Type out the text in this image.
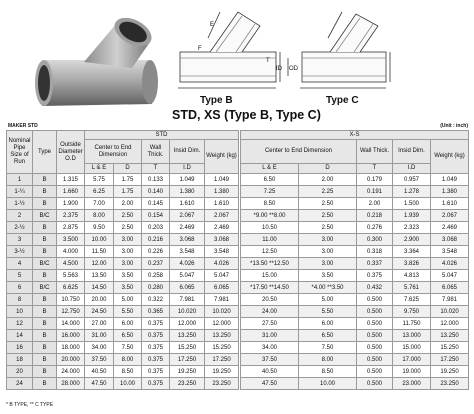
E
F
T
ID OD
Type B	Type C
STD, XS (Type B, Type C)
MAKER STD	(Unit : inch)
Nominal Pipe Size of Run	Type	Outside Diameter O.D	STD				
			Center to End Dimension		Wall Thick.	Insid Dim.	Weight (kg)
			L & E	D	T	I.D	
1	B	1.315	5.75	1.75	0.133	1.049	1.049
1-¼	B	1.660	6.25	1.75	0.140	1.380	1.380
1-½	B	1.900	7.00	2.00	0.145	1.610	1.610
2	B/C	2.375	8.00	2.50	0.154	2.067	2.067
2-½	B	2.875	9.50	2.50	0.203	2.469	2.469
3	B	3.500	10.00	3.00	0.216	3.068	3.068
3-½	B	4.000	11.50	3.00	0.226	3.548	3.548
4	B/C	4.500	12.00	3.00	0.237	4.026	4.026
5	B	5.563	13.50	3.50	0.258	5.047	5.047
6	B/C	6.625	14.50	3.50	0.280	6.065	6.065
8	B	10.750	20.00	5.00	0.322	7.981	7.981
10	B	12.750	24.50	5.50	0.365	10.020	10.020
12	B	14.000	27.00	6.00	0.375	12.000	12.000
14	B	16.000	31.00	6.50	0.375	13.250	13.250
16	B	18.000	34.00	7.50	0.375	15.250	15.250
18	B	20.000	37.50	8.00	0.375	17.250	17.250
20	B	24.000	40.50	8.50	0.375	19.250	19.250
24	B	28.000	47.50	10.00	0.375	23.250	23.250
X-S				
Center to End Dimension		Wall Thick.	Insid Dim.	Weight (kg)
L & E	D	T	I.D	
6.50	2.00	0.179	0.957	1.049
7.25	2.25	0.191	1.278	1.380
8.50	2.50	2.00	1.500	1.610
*9.00 **8.00	2.50	0.218	1.939	2.067
10.50	2.50	0.276	2.323	2.469
11.00	3.00	0.300	2.900	3.068
12.50	3.00	0.318	3.364	3.548
*13.50 **12.50	3.00	0.337	3.826	4.026
15.00	3.50	0.375	4.813	5.047
*17.50 **14.50	*4.00 **3.50	0.432	5.761	6.065
20.50	5.00	0.500	7.625	7.981
24.00	5.50	0.500	9.750	10.020
27.50	6.00	0.500	11.750	12.000
31.00	6.50	0.500	13.000	13.250
34.00	7.50	0.500	15.000	15.250
37.50	8.00	0.500	17.000	17.250
40.50	8.50	0.500	19.000	19.250
47.50	10.00	0.500	23.000	23.250
* B TYPE, ** C TYPE
